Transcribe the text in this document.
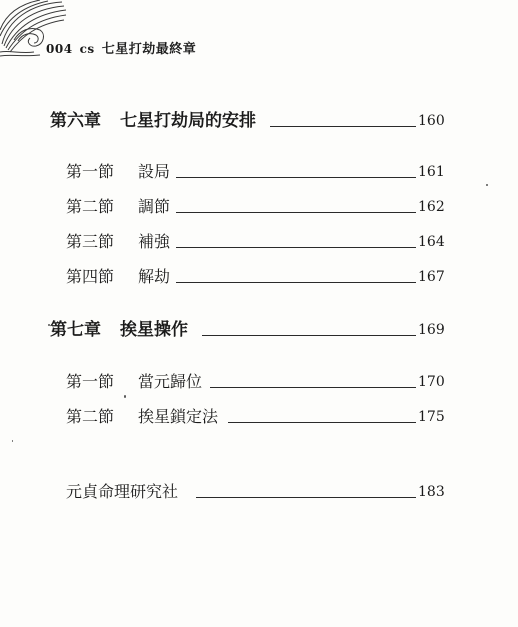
004 cs 七星打劫最終章
第六章 七星打劫局的安排	160
第一節 設局	161
第二節 調節	162
第三節 補強	164
第四節 解劫	167
第七章 挨星操作	169
第一節 當元歸位	170
第二節 挨星鎖定法	175
元貞命理研究社	183
